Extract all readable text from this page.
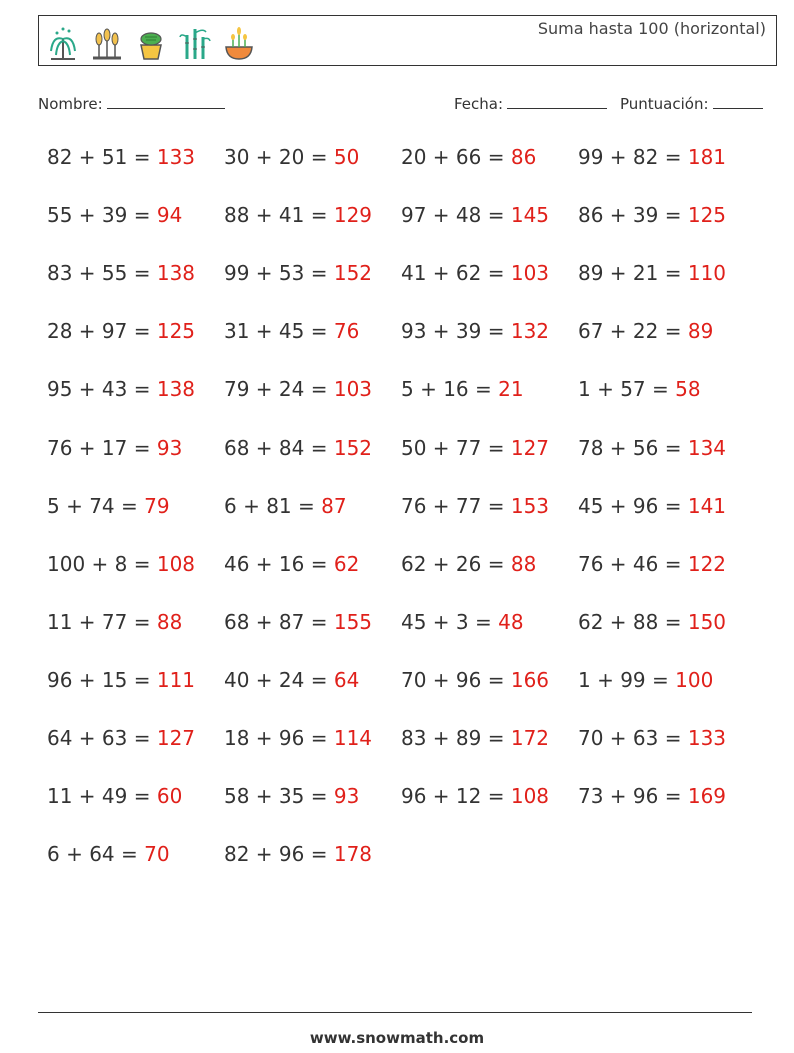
Suma hasta 100 (horizontal)
Nombre:	Fecha:	Puntuación:
82 + 51 = 133 30 + 20 = 50 20 + 66 = 86 99 + 82 = 181
55 + 39 = 94 88 + 41 = 129 97 + 48 = 145 86 + 39 = 125
83 + 55 = 138 99 + 53 = 152 41 + 62 = 103 89 + 21 = 110
28 + 97 = 125 31 + 45 = 76 93 + 39 = 132 67 + 22 = 89
95 + 43 = 138 79 + 24 = 103 5 + 16 = 21	1 + 57 = 58
76 + 17 = 93 68 + 84 = 152 50 + 77 = 127 78 + 56 = 134
5 + 74 = 79	6 + 81 = 87	76 + 77 = 153 45 + 96 = 141
100 + 8 = 108 46 + 16 = 62 62 + 26 = 88 76 + 46 = 122
11 + 77 = 88 68 + 87 = 155 45 + 3 = 48	62 + 88 = 150
96 + 15 = 111 40 + 24 = 64 70 + 96 = 166 1 + 99 = 100
64 + 63 = 127 18 + 96 = 114 83 + 89 = 172 70 + 63 = 133
11 + 49 = 60 58 + 35 = 93 96 + 12 = 108 73 + 96 = 169
6 + 64 = 70	82 + 96 = 178
www.snowmath.com
